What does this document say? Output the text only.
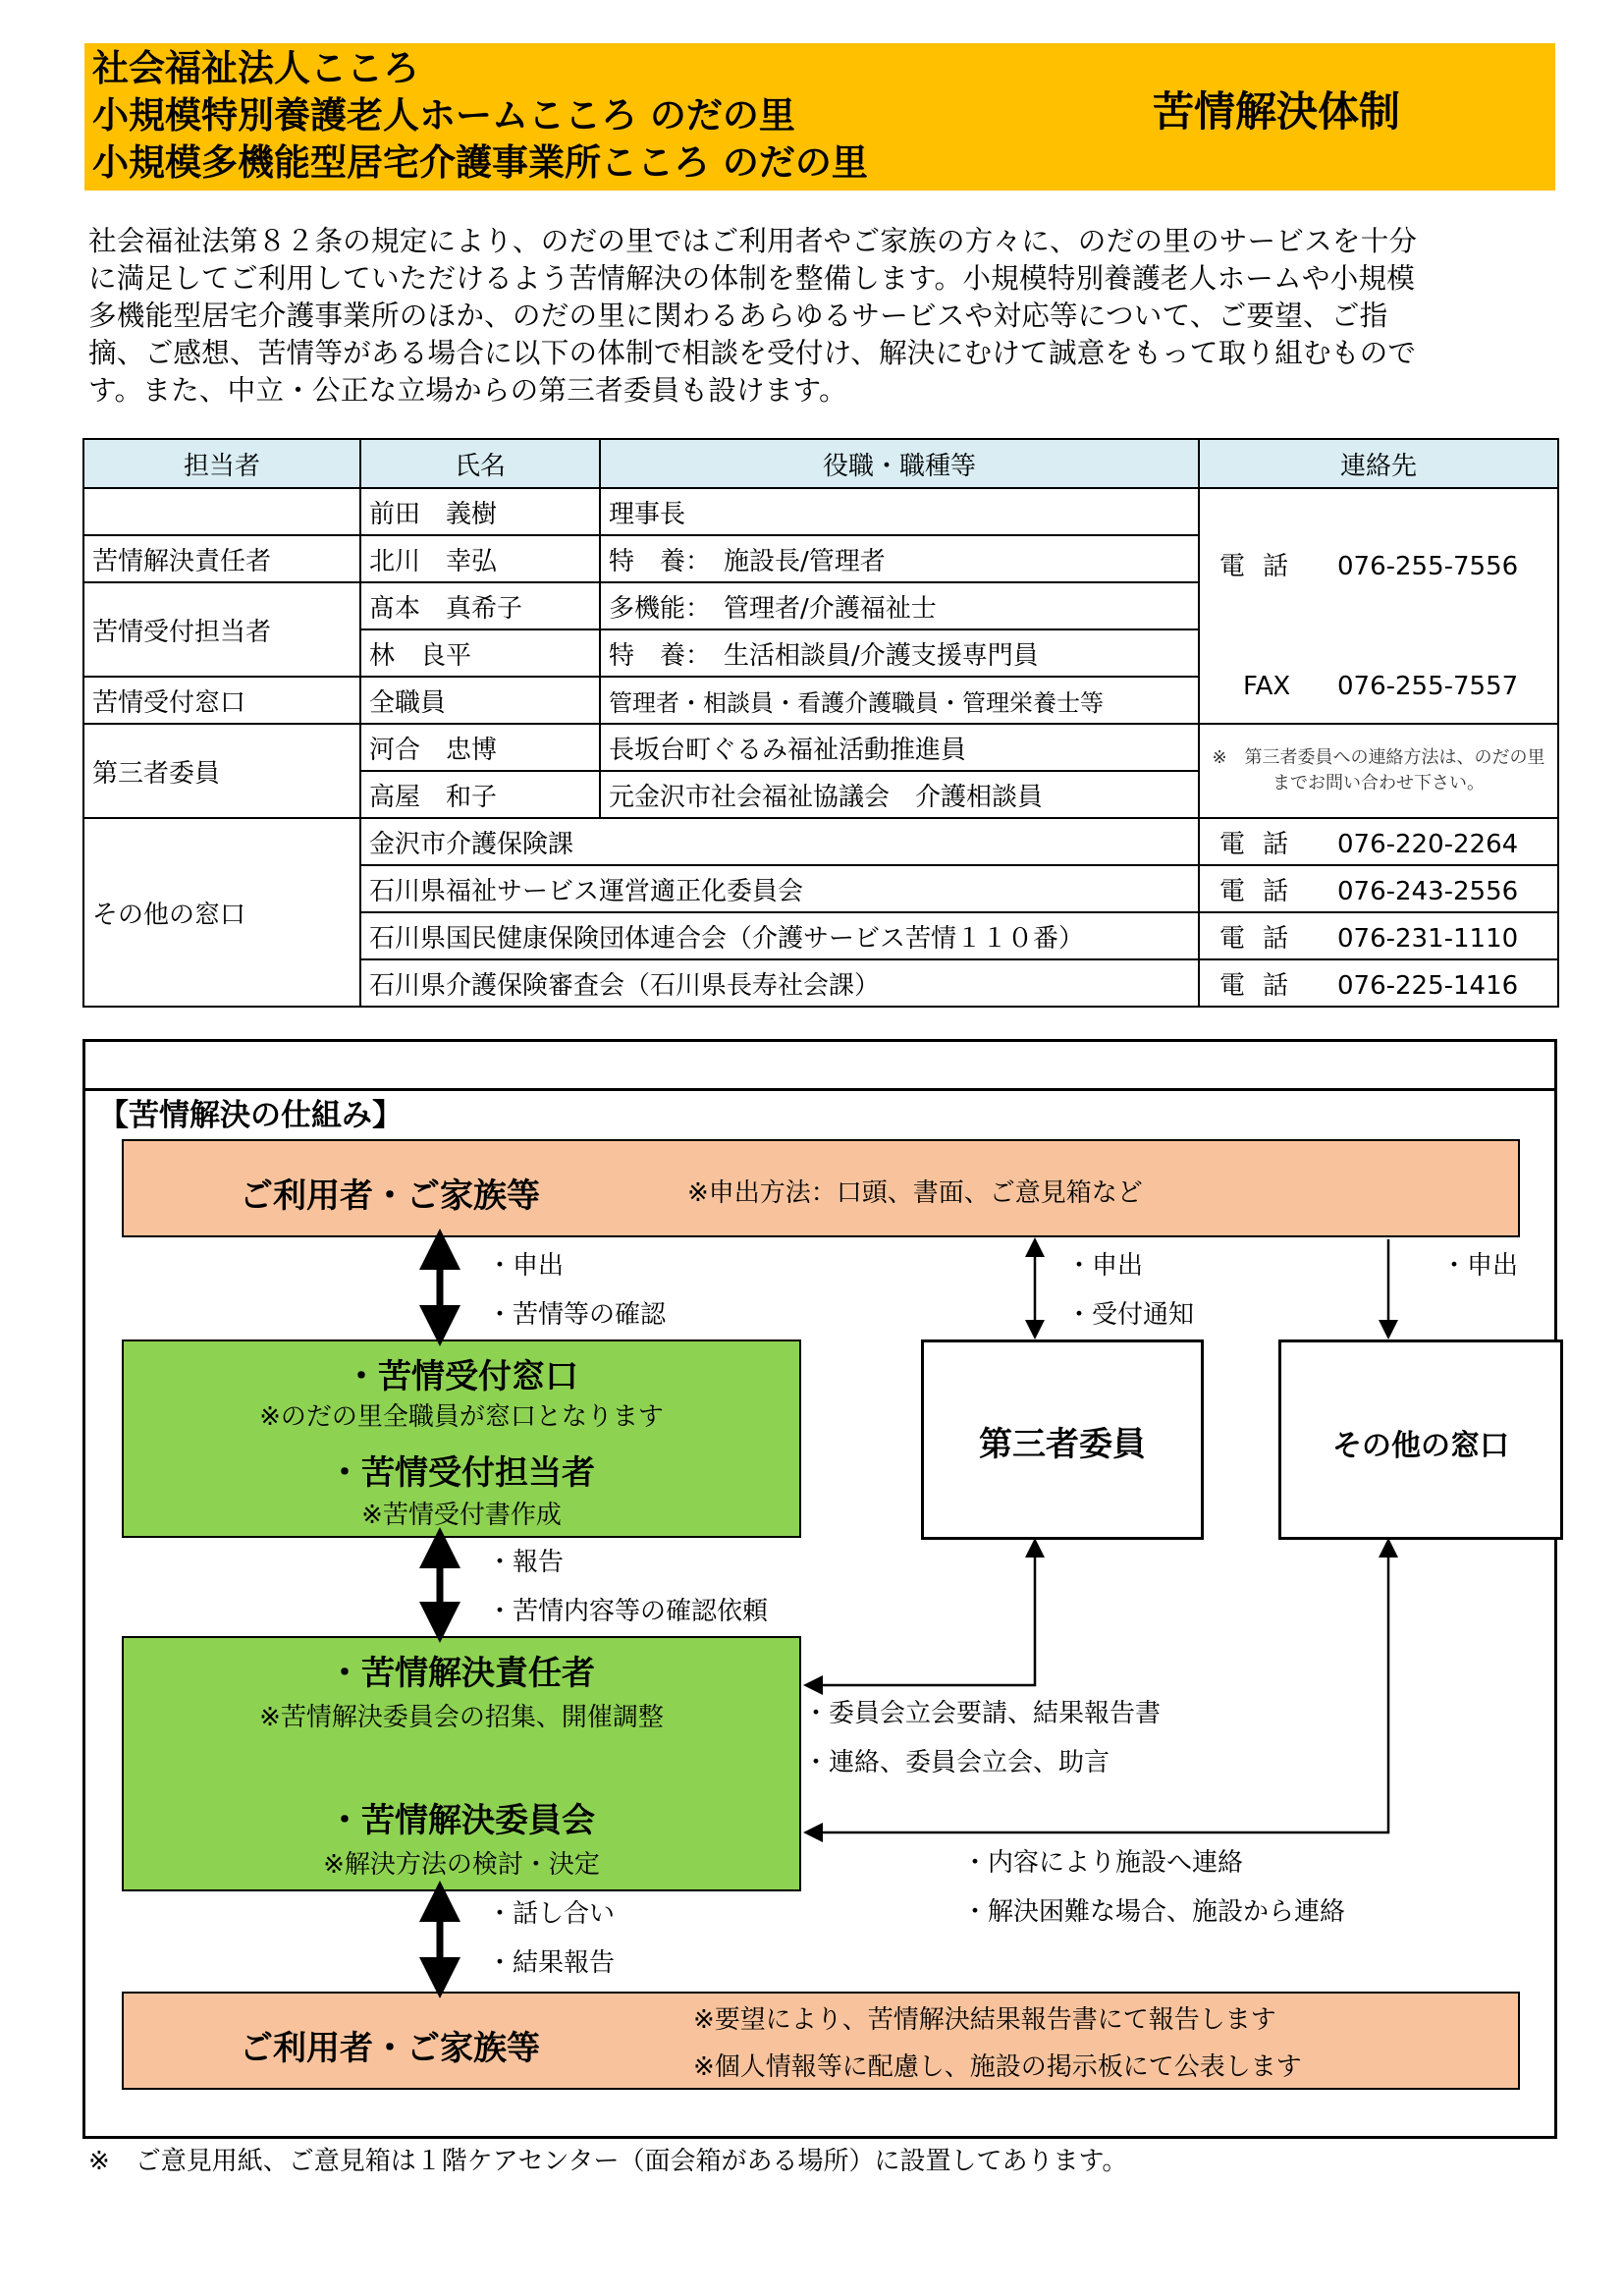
社会福祉法人こころ
小規模特別養護老人ホームこころ のだの里
小規模多機能型居宅介護事業所こころ のだの里
苦情解決体制
社会福祉法第８２条の規定により、のだの里ではご利用者やご家族の方々に、のだの里のサービスを十分
に満足してご利用していただけるよう苦情解決の体制を整備します。小規模特別養護老人ホームや小規模
多機能型居宅介護事業所のほか、のだの里に関わるあらゆるサービスや対応等について、ご要望、ご指
摘、ご感想、苦情等がある場合に以下の体制で相談を受付け、解決にむけて誠意をもって取り組むもので
す。また、中立・公正な立場からの第三者委員も設けます。
担当者	氏名	役職・職種等	連絡先
	前田　義樹	理事長	電話 076-255-7556
FAX 076-255-7557

苦情解決責任者	北川　幸弘	特　養：　施設長/管理者	
苦情受付担当者	髙本　真希子	多機能：　管理者/介護福祉士	
	林　良平	特　養：　生活相談員/介護支援専門員	
苦情受付窓口	全職員	管理者・相談員・看護介護職員・管理栄養士等	
第三者委員	河合　忠博	長坂台町ぐるみ福祉活動推進員	※　第三者委員への連絡方法は、のだの里までお問い合わせ下さい。

	高屋　和子	元金沢市社会福祉協議会　介護相談員	
その他の窓口	金沢市介護保険課		電話 076-220-2264
	石川県福祉サービス運営適正化委員会		電話 076-243-2556
	石川県国民健康保険団体連合会（介護サービス苦情１１０番）		電話 076-231-1110
	石川県介護保険審査会（石川県長寿社会課）		電話 076-225-1416
【苦情解決の仕組み】
ご利用者・ご家族等	※申出方法：口頭、書面、ご意見箱など
・苦情受付窓口
※のだの里全職員が窓口となります
・苦情受付担当者
※苦情受付書作成
・苦情解決責任者
※苦情解決委員会の招集、開催調整
・苦情解決委員会
※解決方法の検討・決定
第三者委員	その他の窓口
ご利用者・ご家族等
※要望により、苦情解決結果報告書にて報告します
※個人情報等に配慮し、施設の掲示板にて公表します
・申出
・苦情等の確認
・申出
・受付通知
・申出
・報告
・苦情内容等の確認依頼
・委員会立会要請、結果報告書
・連絡、委員会立会、助言
・内容により施設へ連絡
・解決困難な場合、施設から連絡
・話し合い
・結果報告
※　ご意見用紙、ご意見箱は１階ケアセンター（面会箱がある場所）に設置してあります。
